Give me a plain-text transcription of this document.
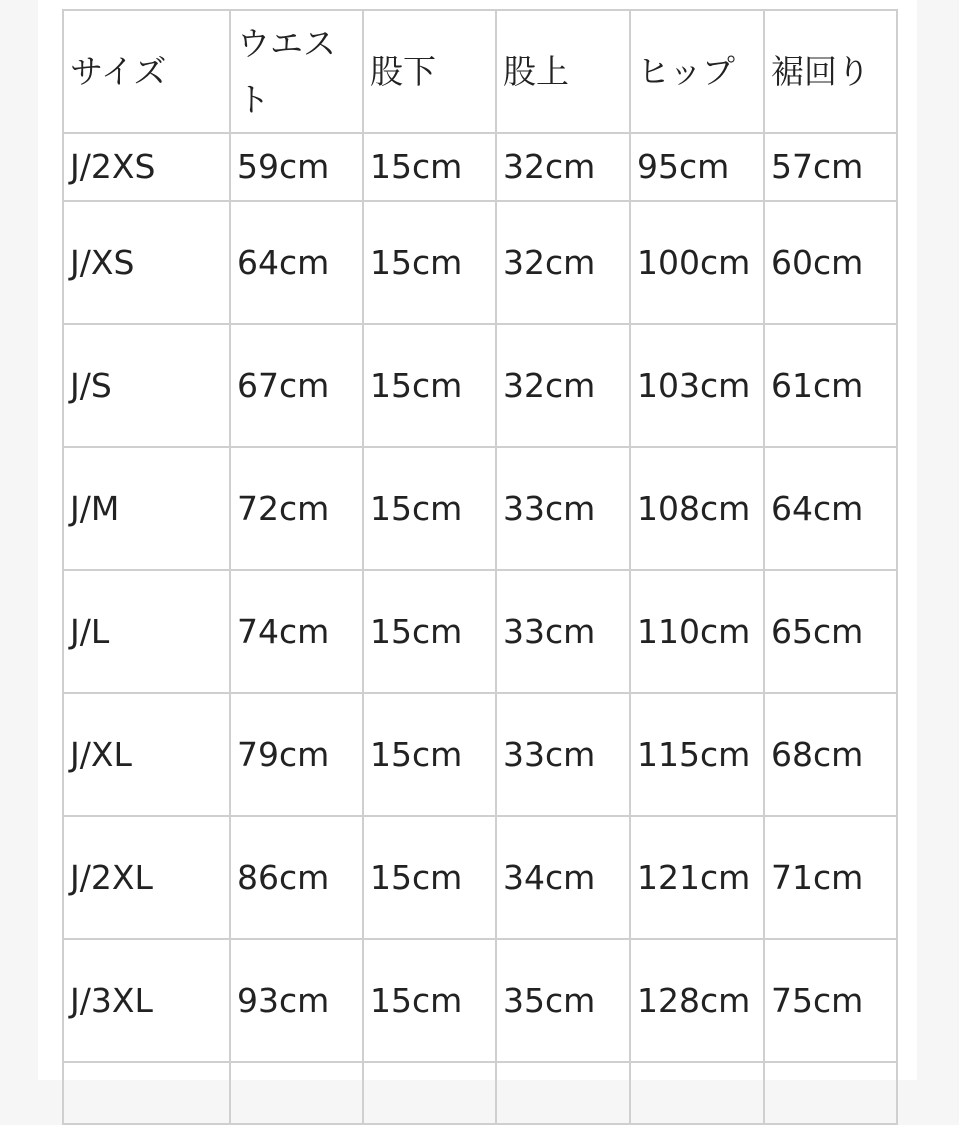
サイズ	ウエスト	股下	股上	ヒップ	裾回り
J/2XS	59cm	15cm	32cm	95cm	57cm
J/XS	64cm	15cm	32cm	100cm	60cm
J/S	67cm	15cm	32cm	103cm	61cm
J/M	72cm	15cm	33cm	108cm	64cm
J/L	74cm	15cm	33cm	110cm	65cm
J/XL	79cm	15cm	33cm	115cm	68cm
J/2XL	86cm	15cm	34cm	121cm	71cm
J/3XL	93cm	15cm	35cm	128cm	75cm
